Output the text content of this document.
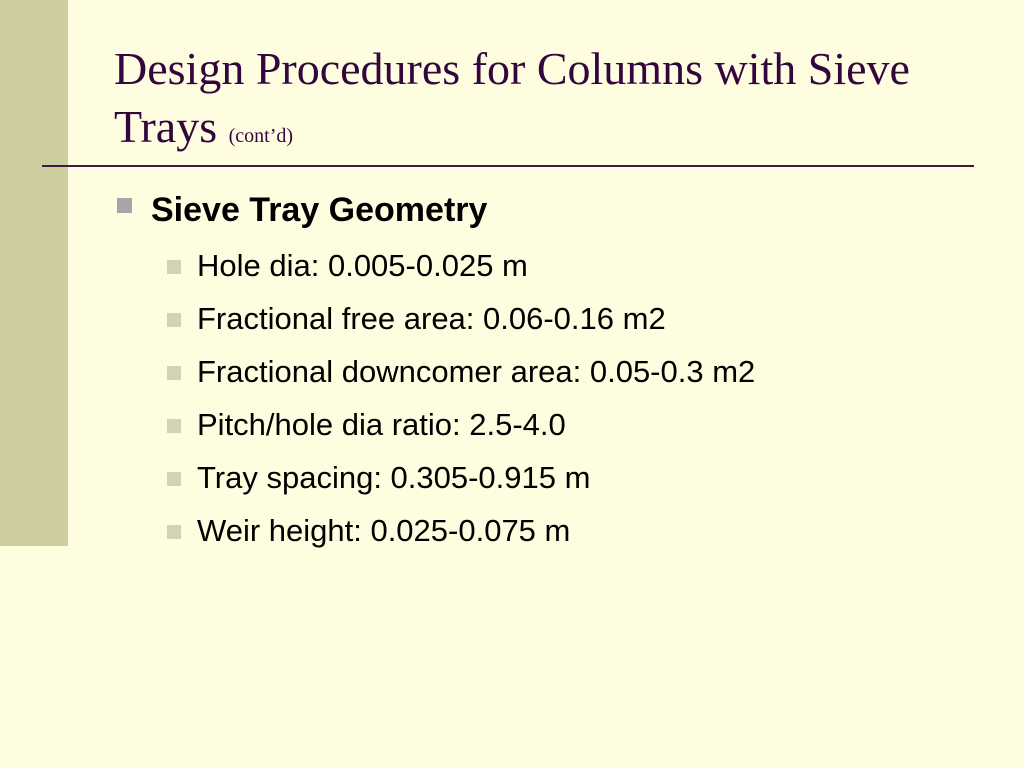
Design Procedures for Columns with Sieve Trays (cont’d)
Sieve Tray Geometry
Hole dia: 0.005-0.025 m
Fractional free area: 0.06-0.16 m2
Fractional downcomer area: 0.05-0.3 m2
Pitch/hole dia ratio: 2.5-4.0
Tray spacing: 0.305-0.915 m
Weir height: 0.025-0.075 m
